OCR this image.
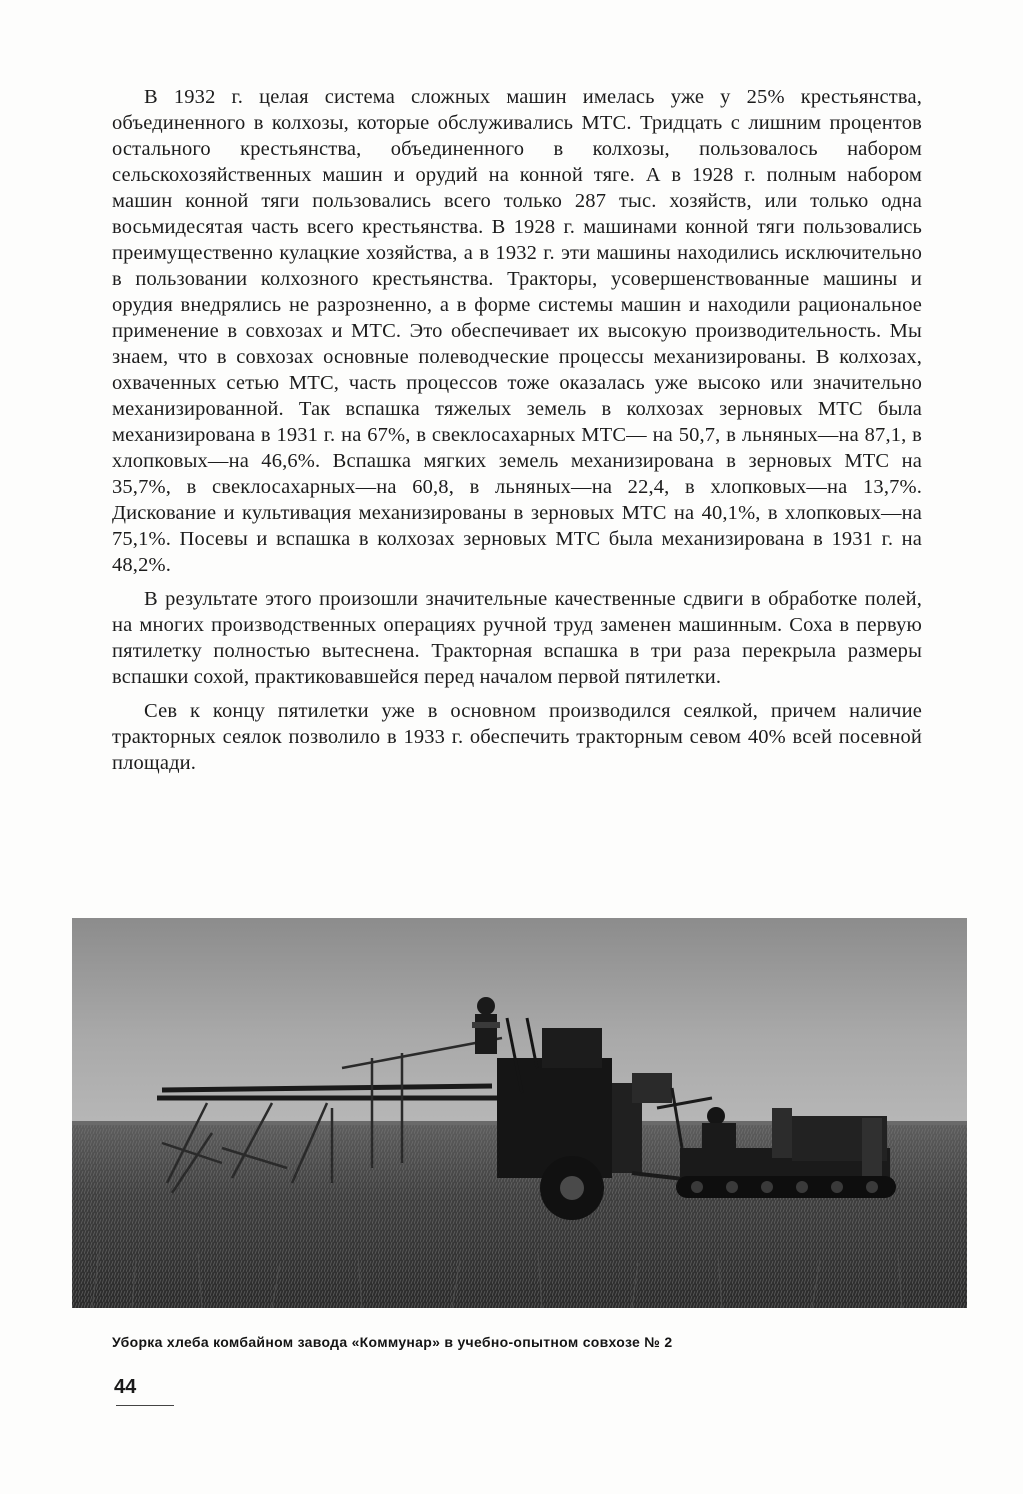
В 1932 г. целая система сложных машин имелась уже у 25% крестьянства, объединенного в колхозы, которые обслуживались МТС. Тридцать с лишним процентов остального крестьянства, объединенного в колхозы, пользовалось набором сельскохозяйственных машин и орудий на конной тяге. А в 1928 г. полным набором машин конной тяги пользовались всего только 287 тыс. хозяйств, или только одна восьмидесятая часть всего крестьянства. В 1928 г. машинами конной тяги пользовались преимущественно кулацкие хозяйства, а в 1932 г. эти машины находились исключительно в пользовании колхозного крестьянства. Тракторы, усовершенствованные машины и орудия внедрялись не разрозненно, а в форме системы машин и находили рациональное применение в совхозах и МТС. Это обеспечивает их высокую производительность. Мы знаем, что в совхозах основные полеводческие процессы механизированы. В колхозах, охваченных сетью МТС, часть процессов тоже оказалась уже высоко или значительно механизированной. Так вспашка тяжелых земель в колхозах зерновых МТС была механизирована в 1931 г. на 67%, в свеклосахарных МТС— на 50,7, в льняных—на 87,1, в хлопковых—на 46,6%. Вспашка мягких земель механизирована в зерновых МТС на 35,7%, в свеклосахарных—на 60,8, в льняных—на 22,4, в хлопковых—на 13,7%. Дискование и культивация механизированы в зерновых МТС на 40,1%, в хлопковых—на 75,1%. Посевы и вспашка в колхозах зерновых МТС была механизирована в 1931 г. на 48,2%.

В результате этого произошли значительные качественные сдвиги в обработке полей, на многих производственных операциях ручной труд заменен машинным. Соха в первую пятилетку полностью вытеснена. Тракторная вспашка в три раза перекрыла размеры вспашки сохой, практиковавшейся перед началом первой пятилетки.

Сев к концу пятилетки уже в основном производился сеялкой, причем наличие тракторных сеялок позволило в 1933 г. обеспечить тракторным севом 40% всей посевной площади.

Уборка хлеба комбайном завода «Коммунар» в учебно-опытном совхозе № 2
44
